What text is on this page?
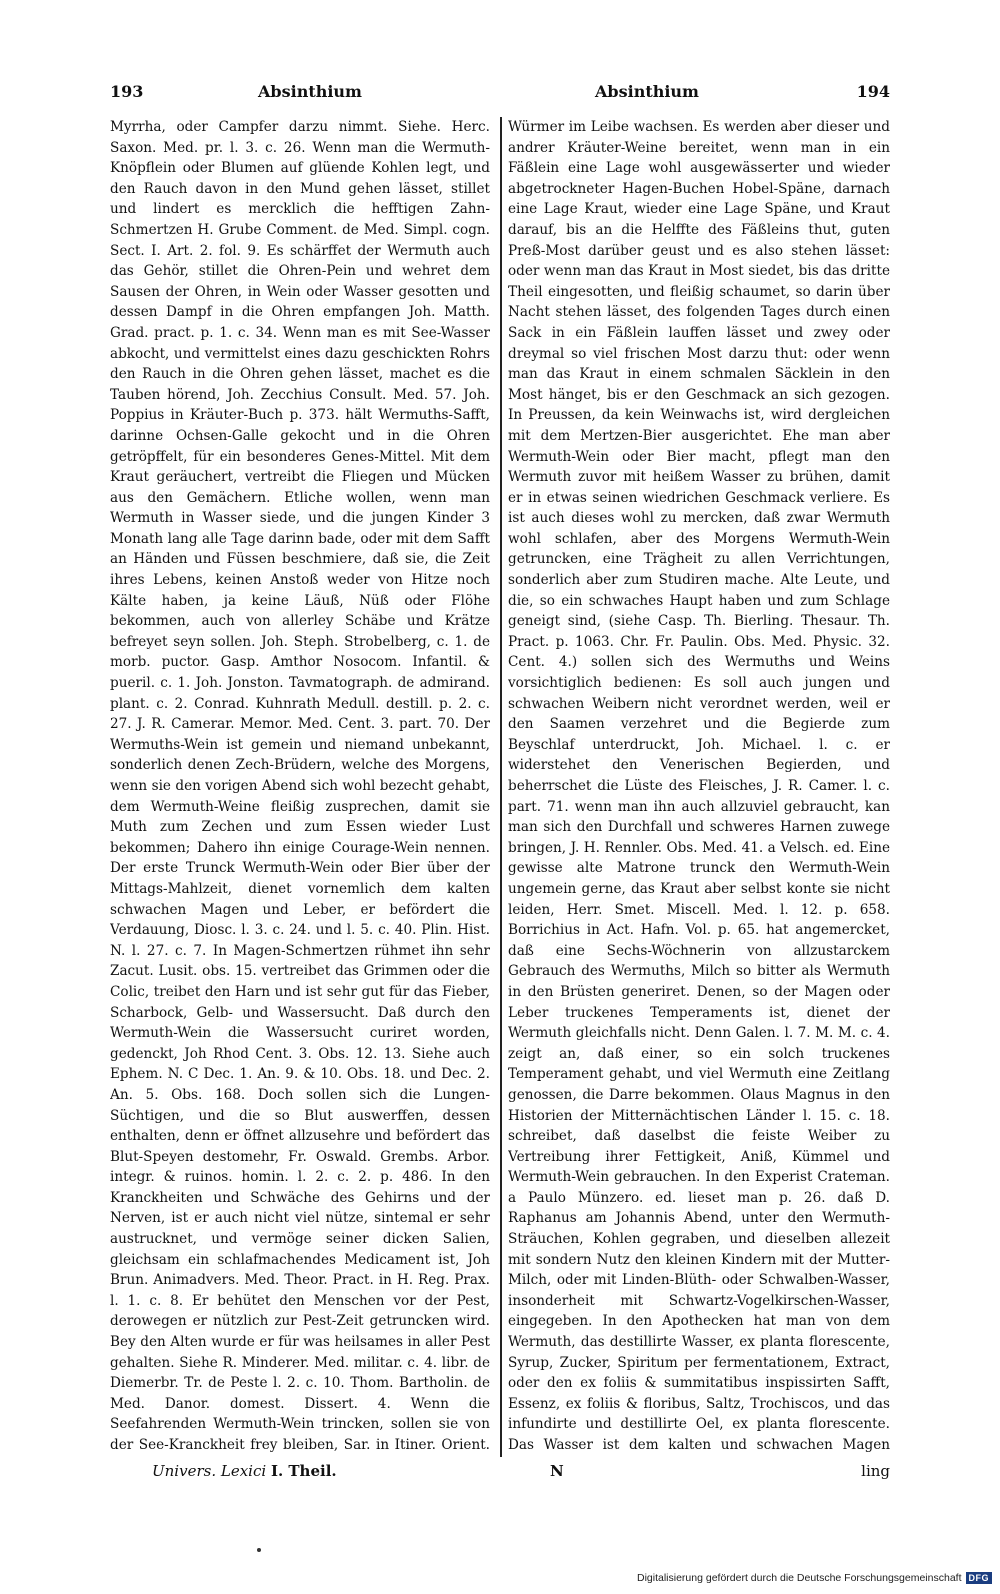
193	Absinthium	Absinthium	194

Myrrha, oder Campfer darzu nimmt. Siehe. Herc. Saxon. Med. pr. l. 3. c. 26. Wenn man die Wermuth-Knöpflein oder Blumen auf glüende Kohlen legt, und den Rauch davon in den Mund gehen lässet, stillet und lindert es mercklich die hefftigen Zahn-Schmertzen H. Grube Comment. de Med. Simpl. cogn. Sect. I. Art. 2. fol. 9. Es schärffet der Wermuth auch das Gehör, stillet die Ohren-Pein und wehret dem Sausen der Ohren, in Wein oder Wasser gesotten und dessen Dampf in die Ohren empfangen Joh. Matth. Grad. pract. p. 1. c. 34. Wenn man es mit See-Wasser abkocht, und vermittelst eines dazu geschickten Rohrs den Rauch in die Ohren gehen lässet, machet es die Tauben hörend, Joh. Zecchius Consult. Med. 57. Joh. Poppius in Kräuter-Buch p. 373. hält Wermuths-Safft, darinne Ochsen-Galle gekocht und in die Ohren getröpffelt, für ein besonderes Genes-Mittel. Mit dem Kraut geräuchert, vertreibt die Fliegen und Mücken aus den Gemächern. Etliche wollen, wenn man Wermuth in Wasser siede, und die jungen Kinder 3 Monath lang alle Tage darinn bade, oder mit dem Safft an Händen und Füssen beschmiere, daß sie, die Zeit ihres Lebens, keinen Anstoß weder von Hitze noch Kälte haben, ja keine Läuß, Nüß oder Flöhe bekommen, auch von allerley Schäbe und Krätze befreyet seyn sollen. Joh. Steph. Strobelberg, c. 1. de morb. puctor. Gasp. Amthor Nosocom. Infantil. & pueril. c. 1. Joh. Jonston. Tavmatograph. de admirand. plant. c. 2. Conrad. Kuhnrath Medull. destill. p. 2. c. 27. J. R. Camerar. Memor. Med. Cent. 3. part. 70. Der Wermuths-Wein ist gemein und niemand unbekannt, sonderlich denen Zech-Brüdern, welche des Morgens, wenn sie den vorigen Abend sich wohl bezecht gehabt, dem Wermuth-Weine fleißig zusprechen, damit sie Muth zum Zechen und zum Essen wieder Lust bekommen; Dahero ihn einige Courage-Wein nennen. Der erste Trunck Wermuth-Wein oder Bier über der Mittags-Mahlzeit, dienet vornemlich dem kalten schwachen Magen und Leber, er befördert die Verdauung, Diosc. l. 3. c. 24. und l. 5. c. 40. Plin. Hist. N. l. 27. c. 7. In Magen-Schmertzen rühmet ihn sehr Zacut. Lusit. obs. 15. vertreibet das Grimmen oder die Colic, treibet den Harn und ist sehr gut für das Fieber, Scharbock, Gelb- und Wassersucht. Daß durch den Wermuth-Wein die Wassersucht curiret worden, gedenckt, Joh Rhod Cent. 3. Obs. 12. 13. Siehe auch Ephem. N. C Dec. 1. An. 9. & 10. Obs. 18. und Dec. 2. An. 5. Obs. 168. Doch sollen sich die Lungen-Süchtigen, und die so Blut auswerffen, dessen enthalten, denn er öffnet allzusehre und befördert das Blut-Speyen destomehr, Fr. Oswald. Grembs. Arbor. integr. & ruinos. homin. l. 2. c. 2. p. 486. In den Kranckheiten und Schwäche des Gehirns und der Nerven, ist er auch nicht viel nütze, sintemal er sehr austrucknet, und vermöge seiner dicken Salien, gleichsam ein schlafmachendes Medicament ist, Joh Brun. Animadvers. Med. Theor. Pract. in H. Reg. Prax. l. 1. c. 8. Er behütet den Menschen vor der Pest, derowegen er nützlich zur Pest-Zeit getruncken wird. Bey den Alten wurde er für was heilsames in aller Pest gehalten. Siehe R. Minderer. Med. militar. c. 4. libr. de Diemerbr. Tr. de Peste l. 2. c. 10. Thom. Bartholin. de Med. Danor. domest. Dissert. 4. Wenn die Seefahrenden Wermuth-Wein trincken, sollen sie von der See-Kranckheit frey bleiben, Sar. in Itiner. Orient.

Würmer im Leibe wachsen. Es werden aber dieser und andrer Kräuter-Weine bereitet, wenn man in ein Fäßlein eine Lage wohl ausgewässerter und wieder abgetrockneter Hagen-Buchen Hobel-Späne, darnach eine Lage Kraut, wieder eine Lage Späne, und Kraut darauf, bis an die Helffte des Fäßleins thut, guten Preß-Most darüber geust und es also stehen lässet: oder wenn man das Kraut in Most siedet, bis das dritte Theil eingesotten, und fleißig schaumet, so darin über Nacht stehen lässet, des folgenden Tages durch einen Sack in ein Fäßlein lauffen lässet und zwey oder dreymal so viel frischen Most darzu thut: oder wenn man das Kraut in einem schmalen Säcklein in den Most hänget, bis er den Geschmack an sich gezogen. In Preussen, da kein Weinwachs ist, wird dergleichen mit dem Mertzen-Bier ausgerichtet. Ehe man aber Wermuth-Wein oder Bier macht, pflegt man den Wermuth zuvor mit heißem Wasser zu brühen, damit er in etwas seinen wiedrichen Geschmack verliere. Es ist auch dieses wohl zu mercken, daß zwar Wermuth wohl schlafen, aber des Morgens Wermuth-Wein getruncken, eine Trägheit zu allen Verrichtungen, sonderlich aber zum Studiren mache. Alte Leute, und die, so ein schwaches Haupt haben und zum Schlage geneigt sind, (siehe Casp. Th. Bierling. Thesaur. Th. Pract. p. 1063. Chr. Fr. Paulin. Obs. Med. Physic. 32. Cent. 4.) sollen sich des Wermuths und Weins vorsichtiglich bedienen: Es soll auch jungen und schwachen Weibern nicht verordnet werden, weil er den Saamen verzehret und die Begierde zum Beyschlaf unterdruckt, Joh. Michael. l. c. er widerstehet den Venerischen Begierden, und beherrschet die Lüste des Fleisches, J. R. Camer. l. c. part. 71. wenn man ihn auch allzuviel gebraucht, kan man sich den Durchfall und schweres Harnen zuwege bringen, J. H. Rennler. Obs. Med. 41. a Velsch. ed. Eine gewisse alte Matrone trunck den Wermuth-Wein ungemein gerne, das Kraut aber selbst konte sie nicht leiden, Herr. Smet. Miscell. Med. l. 12. p. 658. Borrichius in Act. Hafn. Vol. p. 65. hat angemercket, daß eine Sechs-Wöchnerin von allzustarckem Gebrauch des Wermuths, Milch so bitter als Wermuth in den Brüsten generiret. Denen, so der Magen oder Leber truckenes Temperaments ist, dienet der Wermuth gleichfalls nicht. Denn Galen. l. 7. M. M. c. 4. zeigt an, daß einer, so ein solch truckenes Temperament gehabt, und viel Wermuth eine Zeitlang genossen, die Darre bekommen. Olaus Magnus in den Historien der Mitternächtischen Länder l. 15. c. 18. schreibet, daß daselbst die feiste Weiber zu Vertreibung ihrer Fettigkeit, Aniß, Kümmel und Wermuth-Wein gebrauchen. In den Experist Crateman. a Paulo Münzero. ed. lieset man p. 26. daß D. Raphanus am Johannis Abend, unter den Wermuth-Sträuchen, Kohlen gegraben, und dieselben allezeit mit sondern Nutz den kleinen Kindern mit der Mutter-Milch, oder mit Linden-Blüth- oder Schwalben-Wasser, insonderheit mit Schwartz-Vogelkirschen-Wasser, eingegeben. In den Apothecken hat man von dem Wermuth, das destillirte Wasser, ex planta florescente, Syrup, Zucker, Spiritum per fermentationem, Extract, oder den ex foliis & summitatibus inspissirten Safft, Essenz, ex foliis & floribus, Saltz, Trochiscos, und das infundirte und destillirte Oel, ex planta florescente. Das Wasser ist dem kalten und schwachen Magen

Univers. Lexici I. Theil.	N	ling
Digitalisierung gefördert durch die Deutsche Forschungsgemeinschaft DFG
